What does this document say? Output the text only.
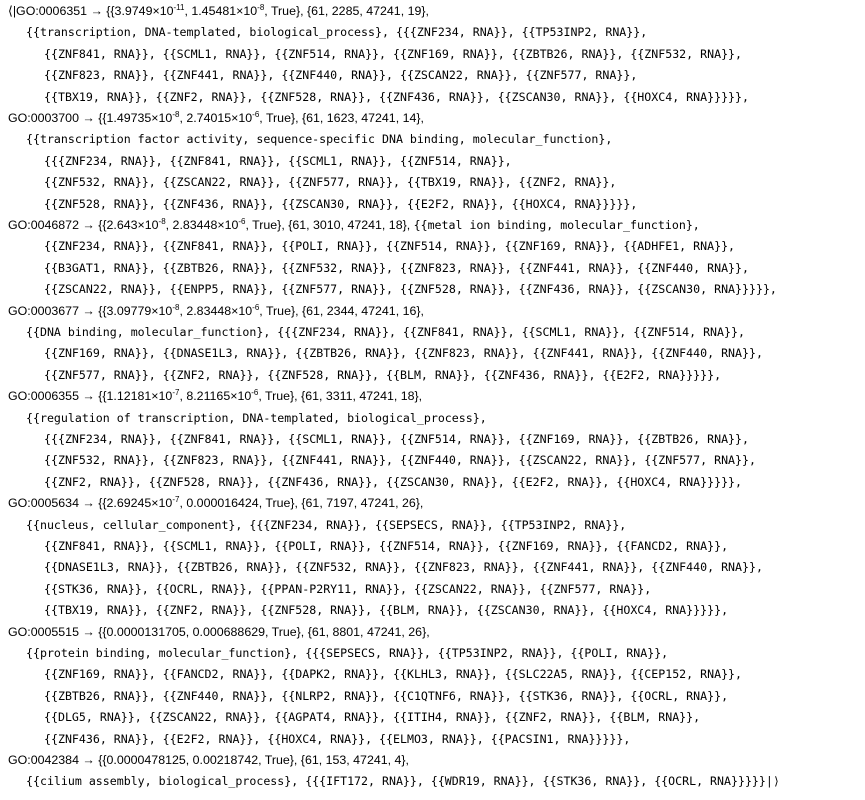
⟨|GO:0006351 → {{$3.9749\times 10^{-11}$, $1.45481\times 10^{-8}$, True}, {61, 2285, 47241, 19},
{{transcription, DNA-templated, biological_process}, {{{ZNF234, RNA}}, {{TP53INP2, RNA}},
{{ZNF841, RNA}}, {{SCML1, RNA}}, {{ZNF514, RNA}}, {{ZNF169, RNA}}, {{ZBTB26, RNA}}, {{ZNF532, RNA}},
{{ZNF823, RNA}}, {{ZNF441, RNA}}, {{ZNF440, RNA}}, {{ZSCAN22, RNA}}, {{ZNF577, RNA}},
{{TBX19, RNA}}, {{ZNF2, RNA}}, {{ZNF528, RNA}}, {{ZNF436, RNA}}, {{ZSCAN30, RNA}}, {{HOXC4, RNA}}}}},
GO:0003700 → {{$1.49735\times 10^{-8}$, $2.74015\times 10^{-6}$, True}, {61, 1623, 47241, 14},
{{transcription factor activity, sequence-specific DNA binding, molecular_function},
{{{ZNF234, RNA}}, {{ZNF841, RNA}}, {{SCML1, RNA}}, {{ZNF514, RNA}},
{{ZNF532, RNA}}, {{ZSCAN22, RNA}}, {{ZNF577, RNA}}, {{TBX19, RNA}}, {{ZNF2, RNA}},
{{ZNF528, RNA}}, {{ZNF436, RNA}}, {{ZSCAN30, RNA}}, {{E2F2, RNA}}, {{HOXC4, RNA}}}}},
GO:0046872 → {{$2.643\times 10^{-8}$, $2.83448\times 10^{-6}$, True}, {61, 3010, 47241, 18}, {{metal ion binding, molecular_function},
{{ZNF234, RNA}}, {{ZNF841, RNA}}, {{POLI, RNA}}, {{ZNF514, RNA}}, {{ZNF169, RNA}}, {{ADHFE1, RNA}},
{{B3GAT1, RNA}}, {{ZBTB26, RNA}}, {{ZNF532, RNA}}, {{ZNF823, RNA}}, {{ZNF441, RNA}}, {{ZNF440, RNA}},
{{ZSCAN22, RNA}}, {{ENPP5, RNA}}, {{ZNF577, RNA}}, {{ZNF528, RNA}}, {{ZNF436, RNA}}, {{ZSCAN30, RNA}}}}},
GO:0003677 → {{$3.09779\times 10^{-8}$, $2.83448\times 10^{-6}$, True}, {61, 2344, 47241, 16},
{{DNA binding, molecular_function}, {{{ZNF234, RNA}}, {{ZNF841, RNA}}, {{SCML1, RNA}}, {{ZNF514, RNA}},
{{ZNF169, RNA}}, {{DNASE1L3, RNA}}, {{ZBTB26, RNA}}, {{ZNF823, RNA}}, {{ZNF441, RNA}}, {{ZNF440, RNA}},
{{ZNF577, RNA}}, {{ZNF2, RNA}}, {{ZNF528, RNA}}, {{BLM, RNA}}, {{ZNF436, RNA}}, {{E2F2, RNA}}}}},
GO:0006355 → {{$1.12181\times 10^{-7}$, $8.21165\times 10^{-6}$, True}, {61, 3311, 47241, 18},
{{regulation of transcription, DNA-templated, biological_process},
{{{ZNF234, RNA}}, {{ZNF841, RNA}}, {{SCML1, RNA}}, {{ZNF514, RNA}}, {{ZNF169, RNA}}, {{ZBTB26, RNA}},
{{ZNF532, RNA}}, {{ZNF823, RNA}}, {{ZNF441, RNA}}, {{ZNF440, RNA}}, {{ZSCAN22, RNA}}, {{ZNF577, RNA}},
{{ZNF2, RNA}}, {{ZNF528, RNA}}, {{ZNF436, RNA}}, {{ZSCAN30, RNA}}, {{E2F2, RNA}}, {{HOXC4, RNA}}}}},
GO:0005634 → {{$2.69245\times 10^{-7}$, 0.000016424, True}, {61, 7197, 47241, 26},
{{nucleus, cellular_component}, {{{ZNF234, RNA}}, {{SEPSECS, RNA}}, {{TP53INP2, RNA}},
{{ZNF841, RNA}}, {{SCML1, RNA}}, {{POLI, RNA}}, {{ZNF514, RNA}}, {{ZNF169, RNA}}, {{FANCD2, RNA}},
{{DNASE1L3, RNA}}, {{ZBTB26, RNA}}, {{ZNF532, RNA}}, {{ZNF823, RNA}}, {{ZNF441, RNA}}, {{ZNF440, RNA}},
{{STK36, RNA}}, {{OCRL, RNA}}, {{PPAN-P2RY11, RNA}}, {{ZSCAN22, RNA}}, {{ZNF577, RNA}},
{{TBX19, RNA}}, {{ZNF2, RNA}}, {{ZNF528, RNA}}, {{BLM, RNA}}, {{ZSCAN30, RNA}}, {{HOXC4, RNA}}}}},
GO:0005515 → {{0.0000131705, 0.000688629, True}, {61, 8801, 47241, 26},
{{protein binding, molecular_function}, {{{SEPSECS, RNA}}, {{TP53INP2, RNA}}, {{POLI, RNA}},
{{ZNF169, RNA}}, {{FANCD2, RNA}}, {{DAPK2, RNA}}, {{KLHL3, RNA}}, {{SLC22A5, RNA}}, {{CEP152, RNA}},
{{ZBTB26, RNA}}, {{ZNF440, RNA}}, {{NLRP2, RNA}}, {{C1QTNF6, RNA}}, {{STK36, RNA}}, {{OCRL, RNA}},
{{DLG5, RNA}}, {{ZSCAN22, RNA}}, {{AGPAT4, RNA}}, {{ITIH4, RNA}}, {{ZNF2, RNA}}, {{BLM, RNA}},
{{ZNF436, RNA}}, {{E2F2, RNA}}, {{HOXC4, RNA}}, {{ELMO3, RNA}}, {{PACSIN1, RNA}}}}},
GO:0042384 → {{0.0000478125, 0.00218742, True}, {61, 153, 47241, 4},
{{cilium assembly, biological_process}, {{{IFT172, RNA}}, {{WDR19, RNA}}, {{STK36, RNA}}, {{OCRL, RNA}}}}}|⟩
